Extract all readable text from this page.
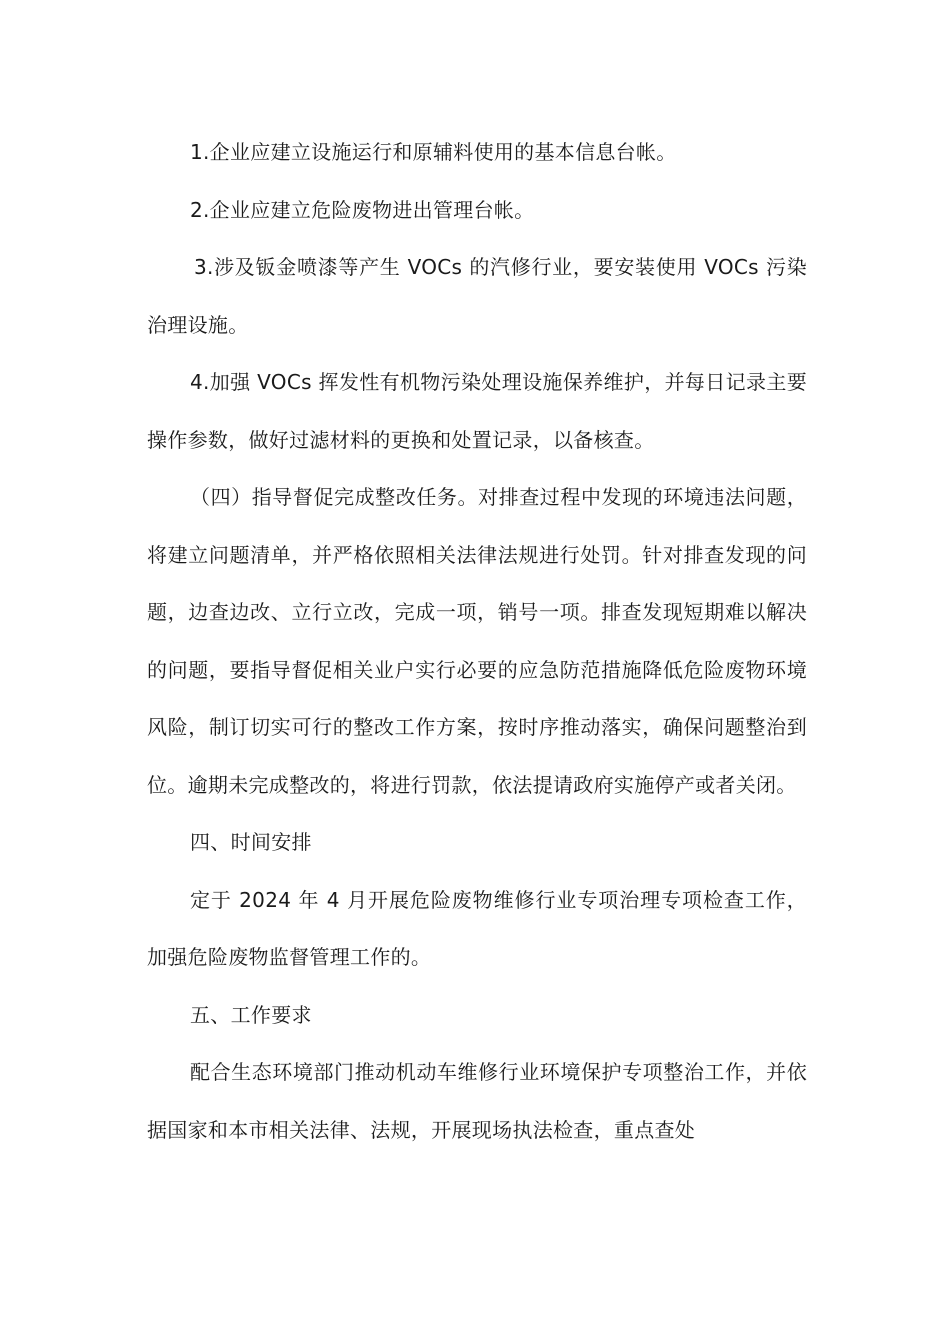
1.企业应建立设施运行和原辅料使用的基本信息台帐。

2.企业应建立危险废物进出管理台帐。

3.涉及钣金喷漆等产生 VOCs 的汽修行业，要安装使用 VOCs 污染治理设施。

4.加强 VOCs 挥发性有机物污染处理设施保养维护，并每日记录主要操作参数，做好过滤材料的更换和处置记录，以备核查。

（四）指导督促完成整改任务。对排查过程中发现的环境违法问题，将建立问题清单，并严格依照相关法律法规进行处罚。针对排查发现的问题，边查边改、立行立改，完成一项，销号一项。排查发现短期难以解决的问题，要指导督促相关业户实行必要的应急防范措施降低危险废物环境风险，制订切实可行的整改工作方案，按时序推动落实，确保问题整治到位。逾期未完成整改的，将进行罚款，依法提请政府实施停产或者关闭。

四、时间安排

定于 2024 年 4 月开展危险废物维修行业专项治理专项检查工作，加强危险废物监督管理工作的。

五、工作要求

配合生态环境部门推动机动车维修行业环境保护专项整治工作，并依据国家和本市相关法律、法规，开展现场执法检查，重点查处
